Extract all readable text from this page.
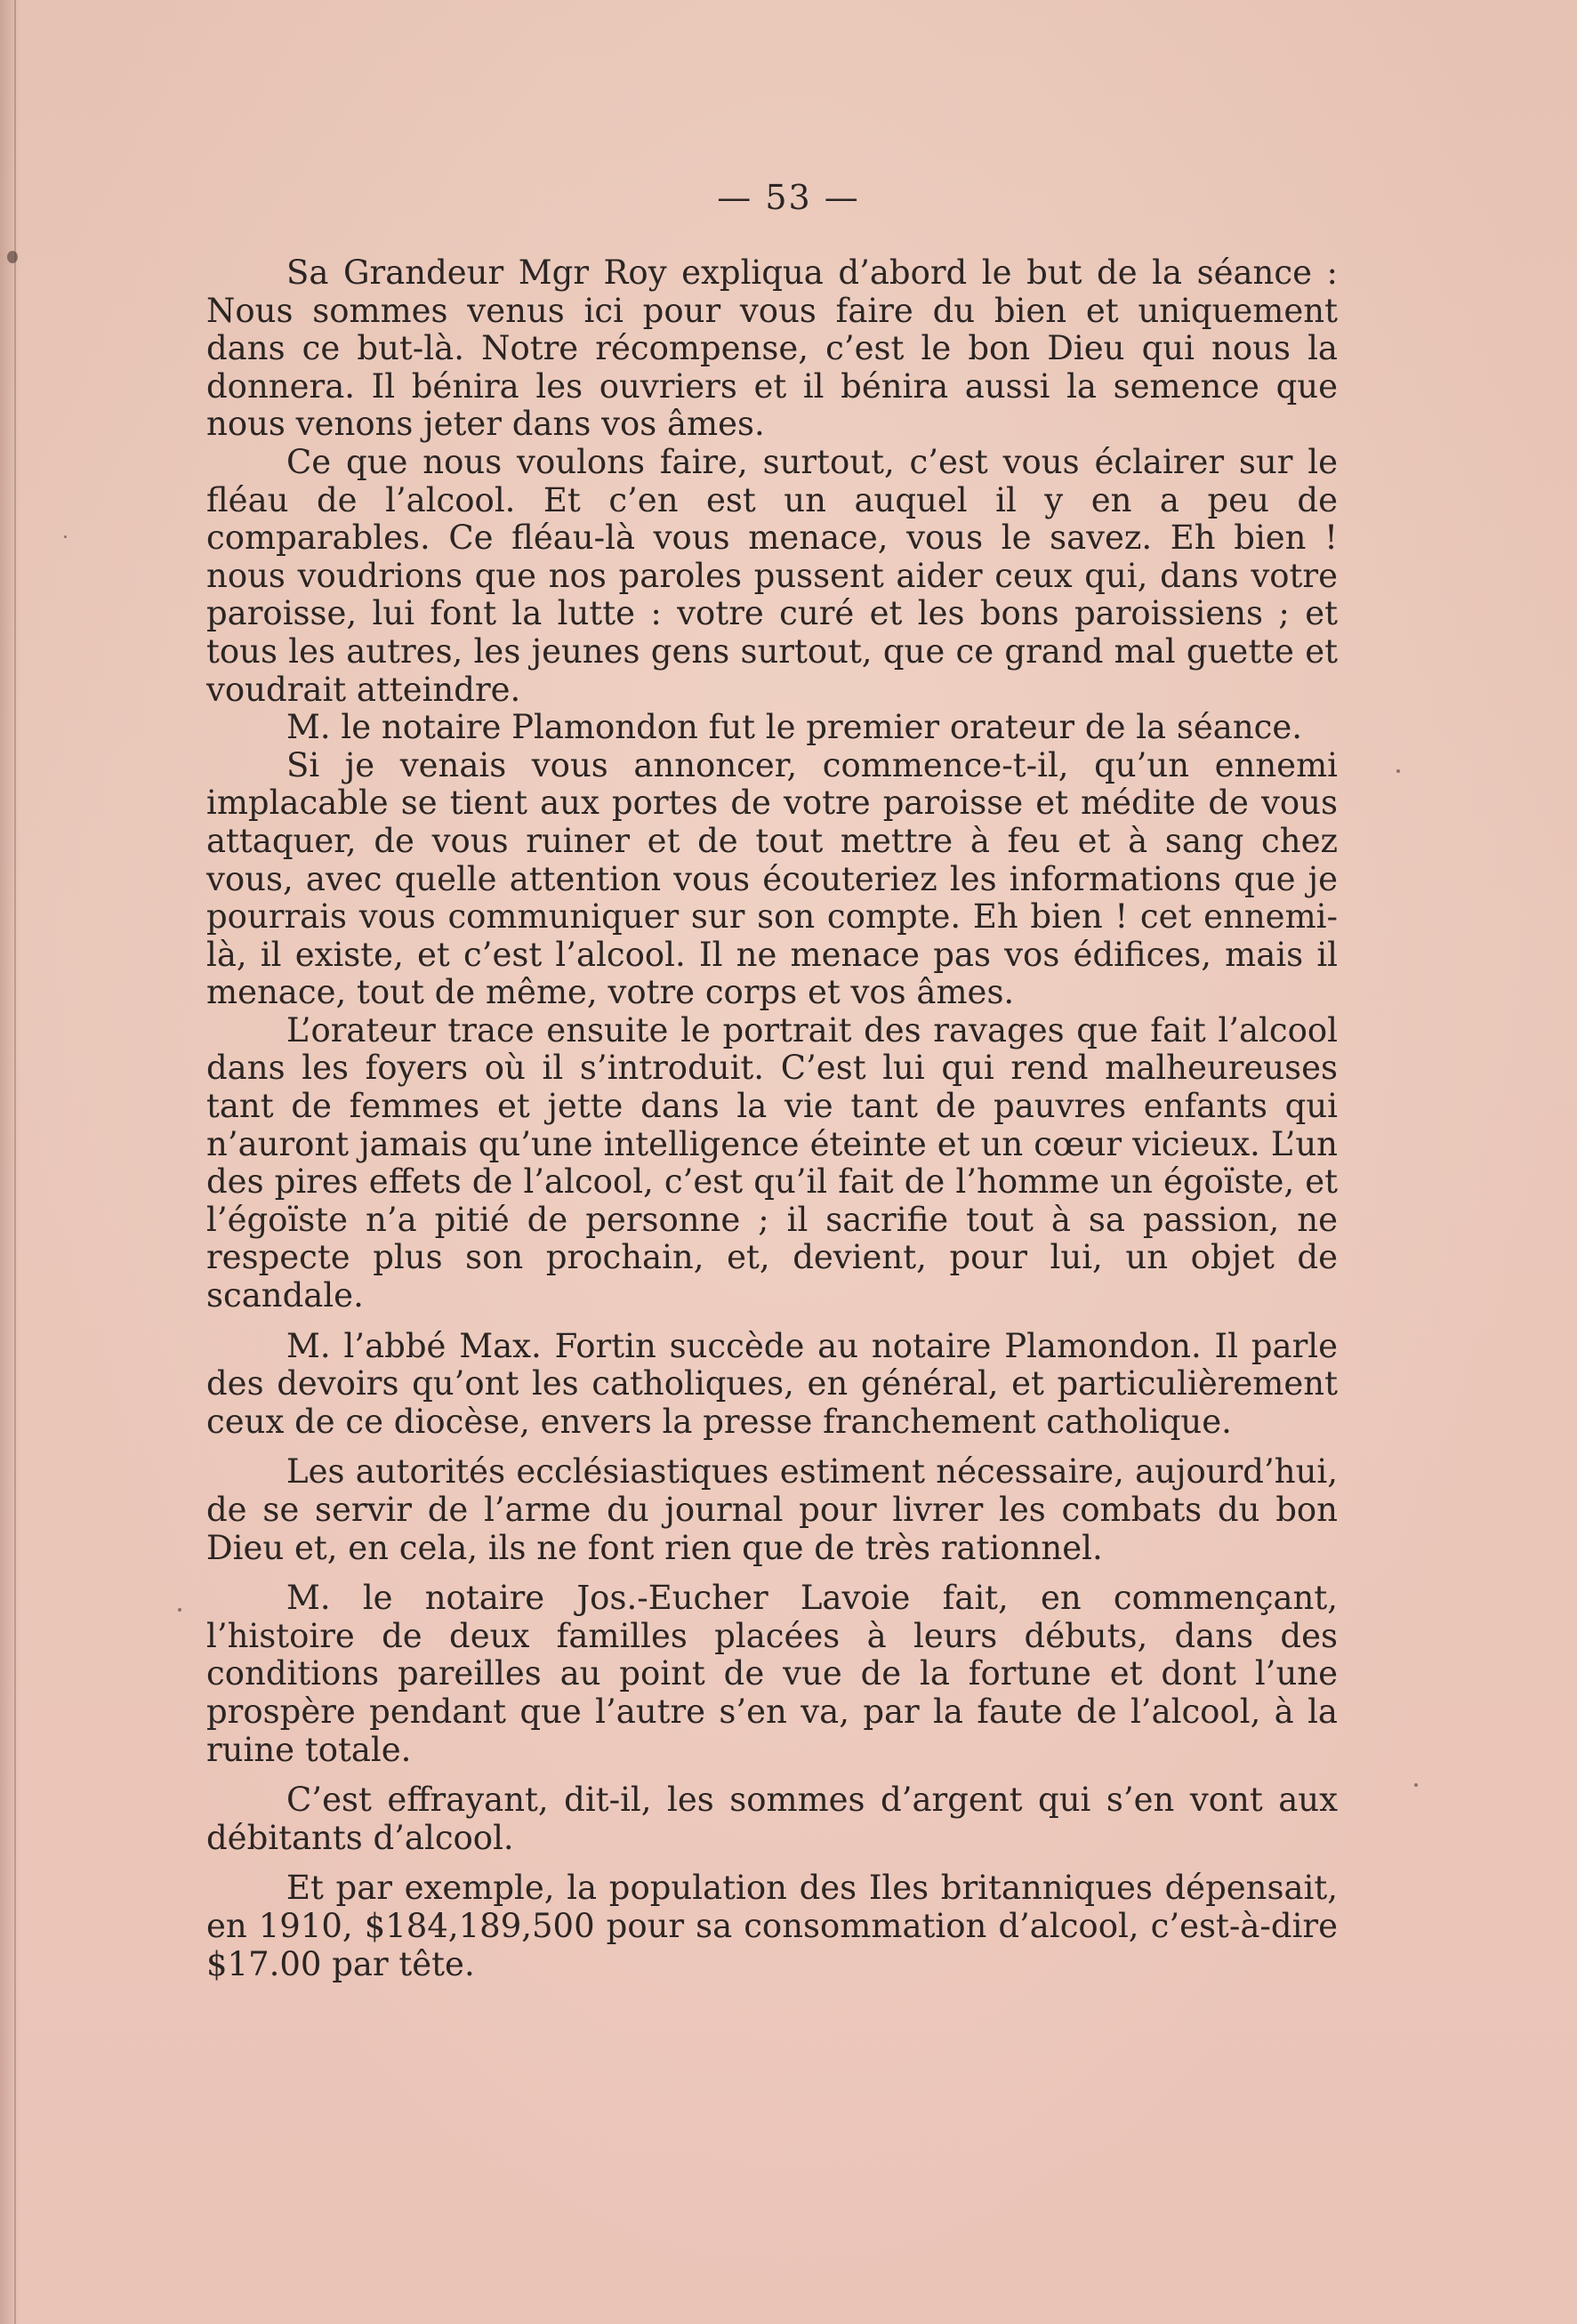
— 53 —

Sa Grandeur Mgr Roy expliqua d’abord le but de la séance : Nous sommes venus ici pour vous faire du bien et uniquement dans ce but-là. Notre récompense, c’est le bon Dieu qui nous la donnera. Il bénira les ouvriers et il bénira aussi la semence que nous venons jeter dans vos âmes.

Ce que nous voulons faire, surtout, c’est vous éclairer sur le fléau de l’alcool. Et c’en est un auquel il y en a peu de comparables. Ce fléau-là vous menace, vous le savez. Eh bien ! nous voudrions que nos paroles pussent aider ceux qui, dans votre paroisse, lui font la lutte : votre curé et les bons paroissiens ; et tous les autres, les jeunes gens surtout, que ce grand mal guette et voudrait atteindre.

M. le notaire Plamondon fut le premier orateur de la séance.

Si je venais vous annoncer, commence-t-il, qu’un ennemi implacable se tient aux portes de votre paroisse et médite de vous attaquer, de vous ruiner et de tout mettre à feu et à sang chez vous, avec quelle attention vous écouteriez les informations que je pourrais vous communiquer sur son compte. Eh bien ! cet ennemi-là, il existe, et c’est l’alcool. Il ne menace pas vos édifices, mais il menace, tout de même, votre corps et vos âmes.

L’orateur trace ensuite le portrait des ravages que fait l’alcool dans les foyers où il s’introduit. C’est lui qui rend malheureuses tant de femmes et jette dans la vie tant de pauvres enfants qui n’auront jamais qu’une intelligence éteinte et un cœur vicieux. L’un des pires effets de l’alcool, c’est qu’il fait de l’homme un égoïste, et l’égoïste n’a pitié de personne ; il sacrifie tout à sa passion, ne respecte plus son prochain, et, devient, pour lui, un objet de scandale.

M. l’abbé Max. Fortin succède au notaire Plamondon. Il parle des devoirs qu’ont les catholiques, en général, et particulièrement ceux de ce diocèse, envers la presse franchement catholique.

Les autorités ecclésiastiques estiment nécessaire, aujourd’hui, de se servir de l’arme du journal pour livrer les combats du bon Dieu et, en cela, ils ne font rien que de très rationnel.

M. le notaire Jos.-Eucher Lavoie fait, en commençant, l’histoire de deux familles placées à leurs débuts, dans des conditions pareilles au point de vue de la fortune et dont l’une prospère pendant que l’autre s’en va, par la faute de l’alcool, à la ruine totale.

C’est effrayant, dit-il, les sommes d’argent qui s’en vont aux débitants d’alcool.

Et par exemple, la population des Iles britanniques dépensait, en 1910, $184,189,500 pour sa consommation d’alcool, c’est-à-dire $17.00 par tête.
